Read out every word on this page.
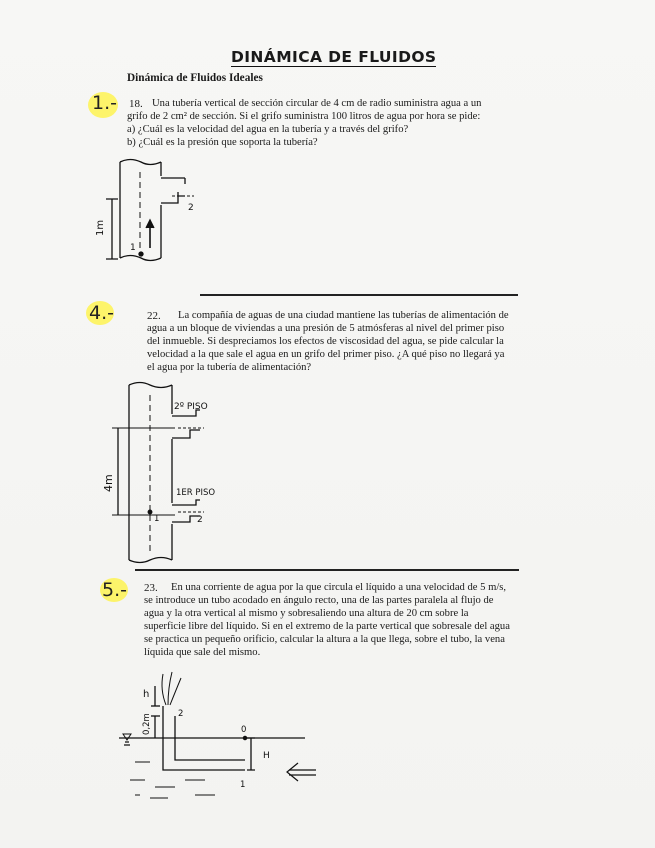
DINÁMICA DE FLUIDOS
Dinámica de Fluidos Ideales
1.- 18. Una tubería vertical de sección circular de 4 cm de radio suministra agua a un
grifo de 2 cm² de sección. Si el grifo suministra 100 litros de agua por hora se pide:
a) ¿Cuál es la velocidad del agua en la tubería y a través del grifo?
b) ¿Cuál es la presión que soporta la tubería?
1m
1
2
2º PISO
1ER PISO
4m
1	2
h
0,2m	0
1
2
H
4.-	22. La compañía de aguas de una ciudad mantiene las tuberías de alimentación de
agua a un bloque de viviendas a una presión de 5 atmósferas al nivel del primer piso
del inmueble. Si despreciamos los efectos de viscosidad del agua, se pide calcular la
velocidad a la que sale el agua en un grifo del primer piso. ¿A qué piso no llegará ya
el agua por la tubería de alimentación?
5.- 23. En una corriente de agua por la que circula el líquido a una velocidad de 5 m/s,
se introduce un tubo acodado en ángulo recto, una de las partes paralela al flujo de
agua y la otra vertical al mismo y sobresaliendo una altura de 20 cm sobre la
superficie libre del líquido. Si en el extremo de la parte vertical que sobresale del agua
se practica un pequeño orificio, calcular la altura a la que llega, sobre el tubo, la vena
líquida que sale del mismo.
